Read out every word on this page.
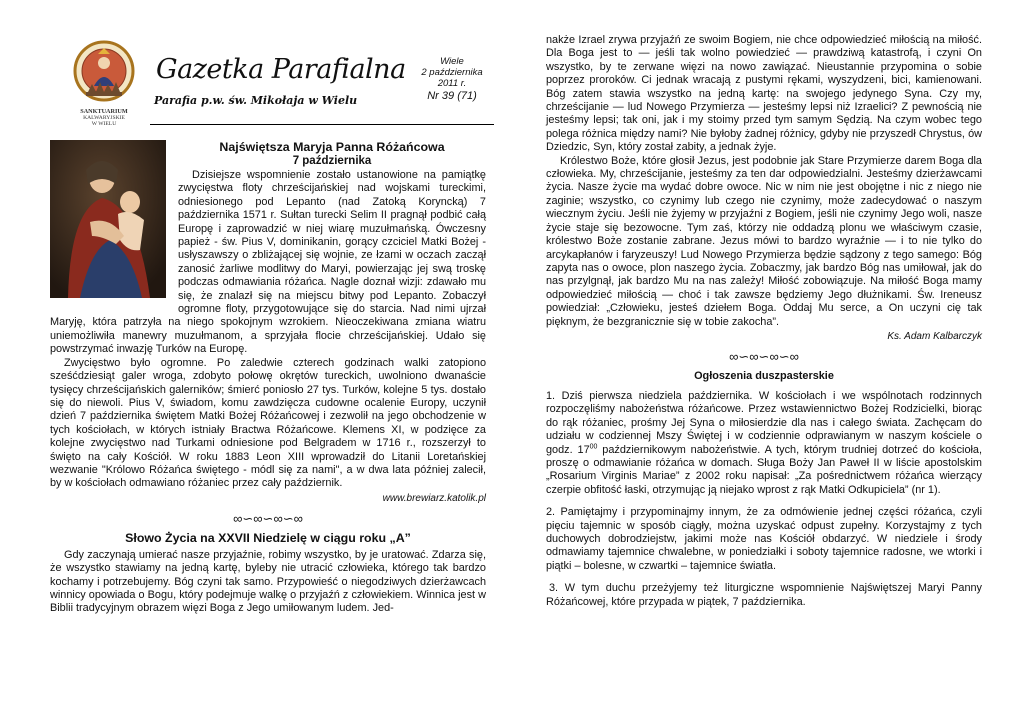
SANKTUARIUM
KALWARYJSKIE
W WIELU
Gazetka Parafialna
Parafia p.w. św. Mikołaja w Wielu
Wiele
2 października
2011 r.
Nr 39 (71)

Najświętsza Maryja Panna Różańcowa

7 października

Dzisiejsze wspomnienie zostało ustanowione na pamiątkę zwycięstwa floty chrześcijańskiej nad wojskami tureckimi, odniesionego pod Lepanto (nad Zatoką Koryncką) 7 października 1571 r. Sułtan turecki Selim II pragnął podbić całą Europę i zaprowadzić w niej wiarę muzułmańską. Ówczesny papież - św. Pius V, dominikanin, gorący czciciel Matki Bożej - usłyszawszy o zbliżającej się wojnie, ze łzami w oczach zaczął zanosić żarliwe modlitwy do Maryi, powierzając jej swą troskę podczas odmawiania różańca. Nagle doznał wizji: zdawało mu się, że znalazł się na miejscu bitwy pod Lepanto. Zobaczył ogromne floty, przygotowujące się do starcia. Nad nimi ujrzał Maryję, która patrzyła na niego spokojnym wzrokiem. Nieoczekiwana zmiana wiatru uniemożliwiła manewry muzułmanom, a sprzyjała flocie chrześcijańskiej. Udało się powstrzymać inwazję Turków na Europę.

Zwycięstwo było ogromne. Po zaledwie czterech godzinach walki zatopiono sześćdziesiąt galer wroga, zdobyto połowę okrętów tureckich, uwolniono dwanaście tysięcy chrześcijańskich galerników; śmierć poniosło 27 tys. Turków, kolejne 5 tys. dostało się do niewoli. Pius V, świadom, komu zawdzięcza cudowne ocalenie Europy, uczynił dzień 7 października świętem Matki Bożej Różańcowej i zezwolił na jego obchodzenie w tych kościołach, w których istniały Bractwa Różańcowe. Klemens XI, w podzięce za kolejne zwycięstwo nad Turkami odniesione pod Belgradem w 1716 r., rozszerzył to święto na cały Kościół. W roku 1883 Leon XIII wprowadził do Litanii Loretańskiej wezwanie "Królowo Różańca świętego - módl się za nami", a w dwa lata później zalecił, by w kościołach odmawiano różaniec przez cały październik.

www.brewiarz.katolik.pl

∞∽∞∽∞∽∞

Słowo Życia na XXVII Niedzielę w ciągu roku „A”

Gdy zaczynają umierać nasze przyjaźnie, robimy wszystko, by je uratować. Zdarza się, że wszystko stawiamy na jedną kartę, byleby nie utracić człowieka, którego tak bardzo kochamy i potrzebujemy. Bóg czyni tak samo. Przypowieść o niegodziwych dzierżawcach winnicy opowiada o Bogu, który podejmuje walkę o przyjaźń z człowiekiem. Winnica jest w Biblii tradycyjnym obrazem więzi Boga z Jego umiłowanym ludem. Jed-

nakże Izrael zrywa przyjaźń ze swoim Bogiem, nie chce odpowiedzieć miłością na miłość. Dla Boga jest to — jeśli tak wolno powiedzieć — prawdziwą katastrofą, i czyni On wszystko, by te zerwane więzi na nowo zawiązać. Nieustannie przypomina o sobie poprzez proroków. Ci jednak wracają z pustymi rękami, wyszydzeni, bici, kamienowani. Bóg zatem stawia wszystko na jedną kartę: na swojego jedynego Syna. Czy my, chrześcijanie — lud Nowego Przymierza — jesteśmy lepsi niż Izraelici? Z pewnością nie jesteśmy lepsi; tak oni, jak i my stoimy przed tym samym Sędzią. Na czym wobec tego polega różnica między nami? Nie byłoby żadnej różnicy, gdyby nie przyszedł Chrystus, ów Dziedzic, Syn, który został zabity, a jednak żyje.

Królestwo Boże, które głosił Jezus, jest podobnie jak Stare Przymierze darem Boga dla człowieka. My, chrześcijanie, jesteśmy za ten dar odpowiedzialni. Jesteśmy dzierżawcami życia. Nasze życie ma wydać dobre owoce. Nic w nim nie jest obojętne i nic z niego nie zaginie; wszystko, co czynimy lub czego nie czynimy, może zadecydować o naszym wiecznym życiu. Jeśli nie żyjemy w przyjaźni z Bogiem, jeśli nie czynimy Jego woli, nasze życie staje się bezowocne. Tym zaś, którzy nie oddadzą plonu we właściwym czasie, królestwo Boże zostanie zabrane. Jezus mówi to bardzo wyraźnie — i to nie tylko do arcykapłanów i faryzeuszy! Lud Nowego Przymierza będzie sądzony z tego samego: Bóg zapyta nas o owoce, plon naszego życia. Zobaczmy, jak bardzo Bóg nas umiłował, jak do nas przylgnął, jak bardzo Mu na nas zależy! Miłość zobowiązuje. Na miłość Boga mamy odpowiedzieć miłością — choć i tak zawsze będziemy Jego dłużnikami. Św. Ireneusz powiedział: „Człowieku, jesteś dziełem Boga. Oddaj Mu serce, a On uczyni cię tak pięknym, że bezgranicznie się w tobie zakocha”.

Ks. Adam Kalbarczyk

∞∽∞∽∞∽∞

Ogłoszenia duszpasterskie

1. Dziś pierwsza niedziela października. W kościołach i we wspólnotach rodzinnych rozpoczęliśmy nabożeństwa różańcowe. Przez wstawiennictwo Bożej Rodzicielki, biorąc do rąk różaniec, prośmy Jej Syna o miłosierdzie dla nas i całego świata. Zachęcam do udziału w codziennej Mszy Świętej i w codziennie odprawianym w naszym kościele o godz. $17^{00}$ październikowym nabożeństwie. A tych, którym trudniej dotrzeć do kościoła, proszę o odmawianie różańca w domach. Sługa Boży Jan Paweł II w liście apostolskim „Rosarium Virginis Mariae” z 2002 roku napisał: „Za pośrednictwem różańca wierzący czerpie obfitość łaski, otrzymując ją niejako wprost z rąk Matki Odkupiciela” (nr 1).

2. Pamiętajmy i przypominajmy innym, że za odmówienie jednej części różańca, czyli pięciu tajemnic w sposób ciągły, można uzyskać odpust zupełny. Korzystajmy z tych duchowych dobrodziejstw, jakimi może nas Kościół obdarzyć. W niedziele i środy odmawiamy tajemnice chwalebne, w poniedziałki i soboty tajemnice radosne, we wtorki i piątki – bolesne, w czwartki – tajemnice światła.

3. W tym duchu przeżyjemy też liturgiczne wspomnienie Najświętszej Maryi Panny Różańcowej, które przypada w piątek, 7 października.
